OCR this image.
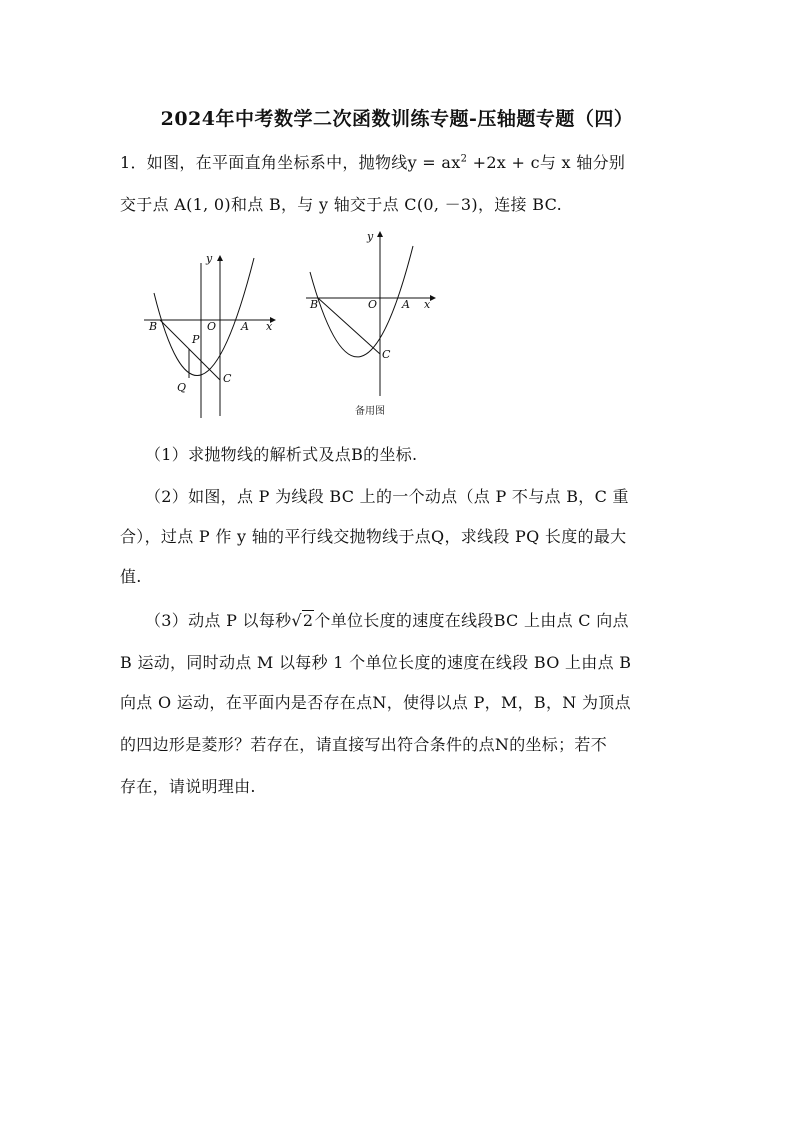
2024年中考数学二次函数训练专题-压轴题专题（四）
1．如图，在平面直角坐标系中，抛物线$y = ax^2 +2x + c$与 x 轴分别
交于点 A(1, 0)和点 B，与 y 轴交于点 C(0, －3)，连接 BC.
y
x
B	O A
P
Q
C
y
x
B	O A
C
备用图
（1）求抛物线的解析式及点B的坐标.
（2）如图，点 P 为线段 BC 上的一个动点（点 P 不与点 B，C 重
合），过点 P 作 y 轴的平行线交抛物线于点Q，求线段 PQ 长度的最大
值.
（3）动点 P 以每秒√2个单位长度的速度在线段BC 上由点 C 向点
B 运动，同时动点 M 以每秒 1 个单位长度的速度在线段 BO 上由点 B
向点 O 运动，在平面内是否存在点N，使得以点 P，M，B，N 为顶点
的四边形是菱形？若存在，请直接写出符合条件的点N的坐标；若不
存在，请说明理由.
